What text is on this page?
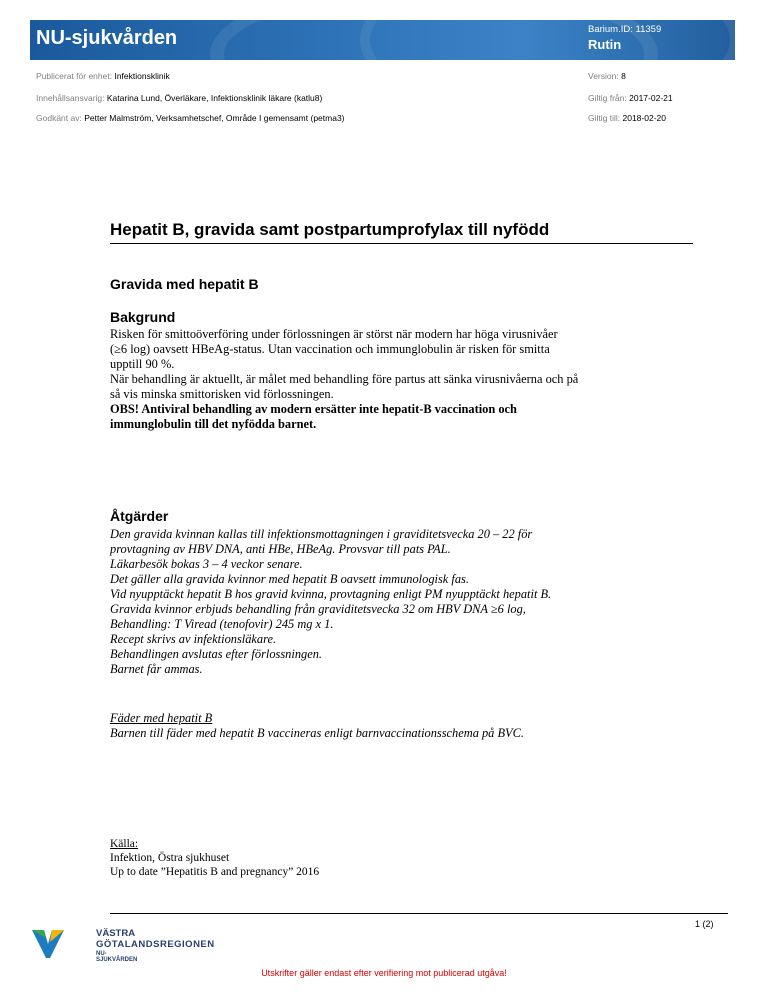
NU-sjukvården	Barium.ID: 11359
Rutin
Publicerat för enhet: Infektionsklinik	Version: 8
Innehållsansvarig: Katarina Lund, Överläkare, Infektionsklinik läkare (katlu8)	Giltig från: 2017-02-21
Godkänt av: Petter Malmström, Verksamhetschef, Område I gemensamt (petma3)	Giltig till: 2018-02-20
Hepatit B, gravida samt postpartumprofylax till nyfödd
Gravida med hepatit B
Bakgrund

Risken för smittoöverföring under förlossningen är störst när modern har höga virusnivåer

(≥6 log) oavsett HBeAg-status. Utan vaccination och immunglobulin är risken för smitta

upptill 90 %.

När behandling är aktuellt, är målet med behandling före partus att sänka virusnivåerna och på

så vis minska smittorisken vid förlossningen.

OBS! Antiviral behandling av modern ersätter inte hepatit-B vaccination och

immunglobulin till det nyfödda barnet.

Åtgärder

Den gravida kvinnan kallas till infektionsmottagningen i graviditetsvecka 20 – 22 för

provtagning av HBV DNA, anti HBe, HBeAg. Provsvar till pats PAL.

Läkarbesök bokas 3 – 4 veckor senare.

Det gäller alla gravida kvinnor med hepatit B oavsett immunologisk fas.

Vid nyupptäckt hepatit B hos gravid kvinna, provtagning enligt PM nyupptäckt hepatit B.

Gravida kvinnor erbjuds behandling från graviditetsvecka 32 om HBV DNA ≥6 log,

Behandling: T Viread (tenofovir) 245 mg x 1.

Recept skrivs av infektionsläkare.

Behandlingen avslutas efter förlossningen.

Barnet får ammas.

Fäder med hepatit B

Barnen till fäder med hepatit B vaccineras enligt barnvaccinationsschema på BVC.

Källa:

Infektion, Östra sjukhuset

Up to date ”Hepatitis B and pregnancy” 2016

1 (2)
VÄSTRA
GÖTALANDSREGIONEN
NU-SJUKVÅRDEN
Utskrifter gäller endast efter verifiering mot publicerad utgåva!
